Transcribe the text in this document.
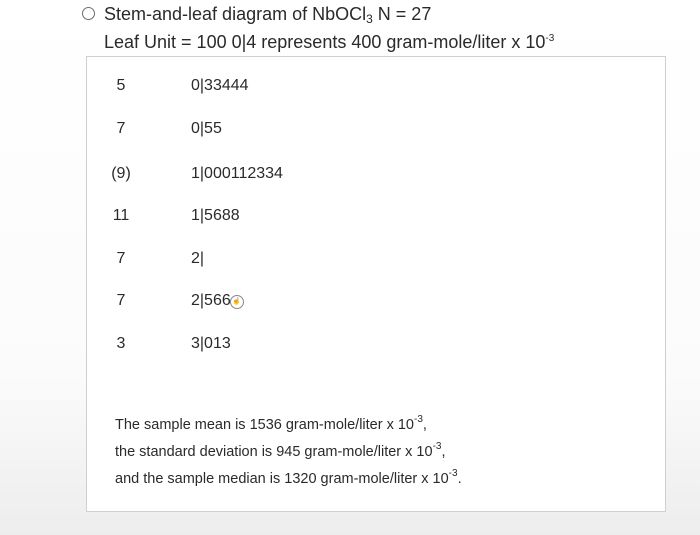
Stem-and-leaf diagram of NbOCl$_3$ N = 27
Leaf Unit = 100 0|4 represents 400 gram-mole/liter x $10^{-3}$
5	0|33444
7	0|55
(9)	1|000112334
11	1|5688
7	2|
7	2|566 ☝
3	3|013
The sample mean is 1536 gram-mole/liter x $10^{-3}$,
the standard deviation is 945 gram-mole/liter x $10^{-3}$,
and the sample median is 1320 gram-mole/liter x $10^{-3}$.
